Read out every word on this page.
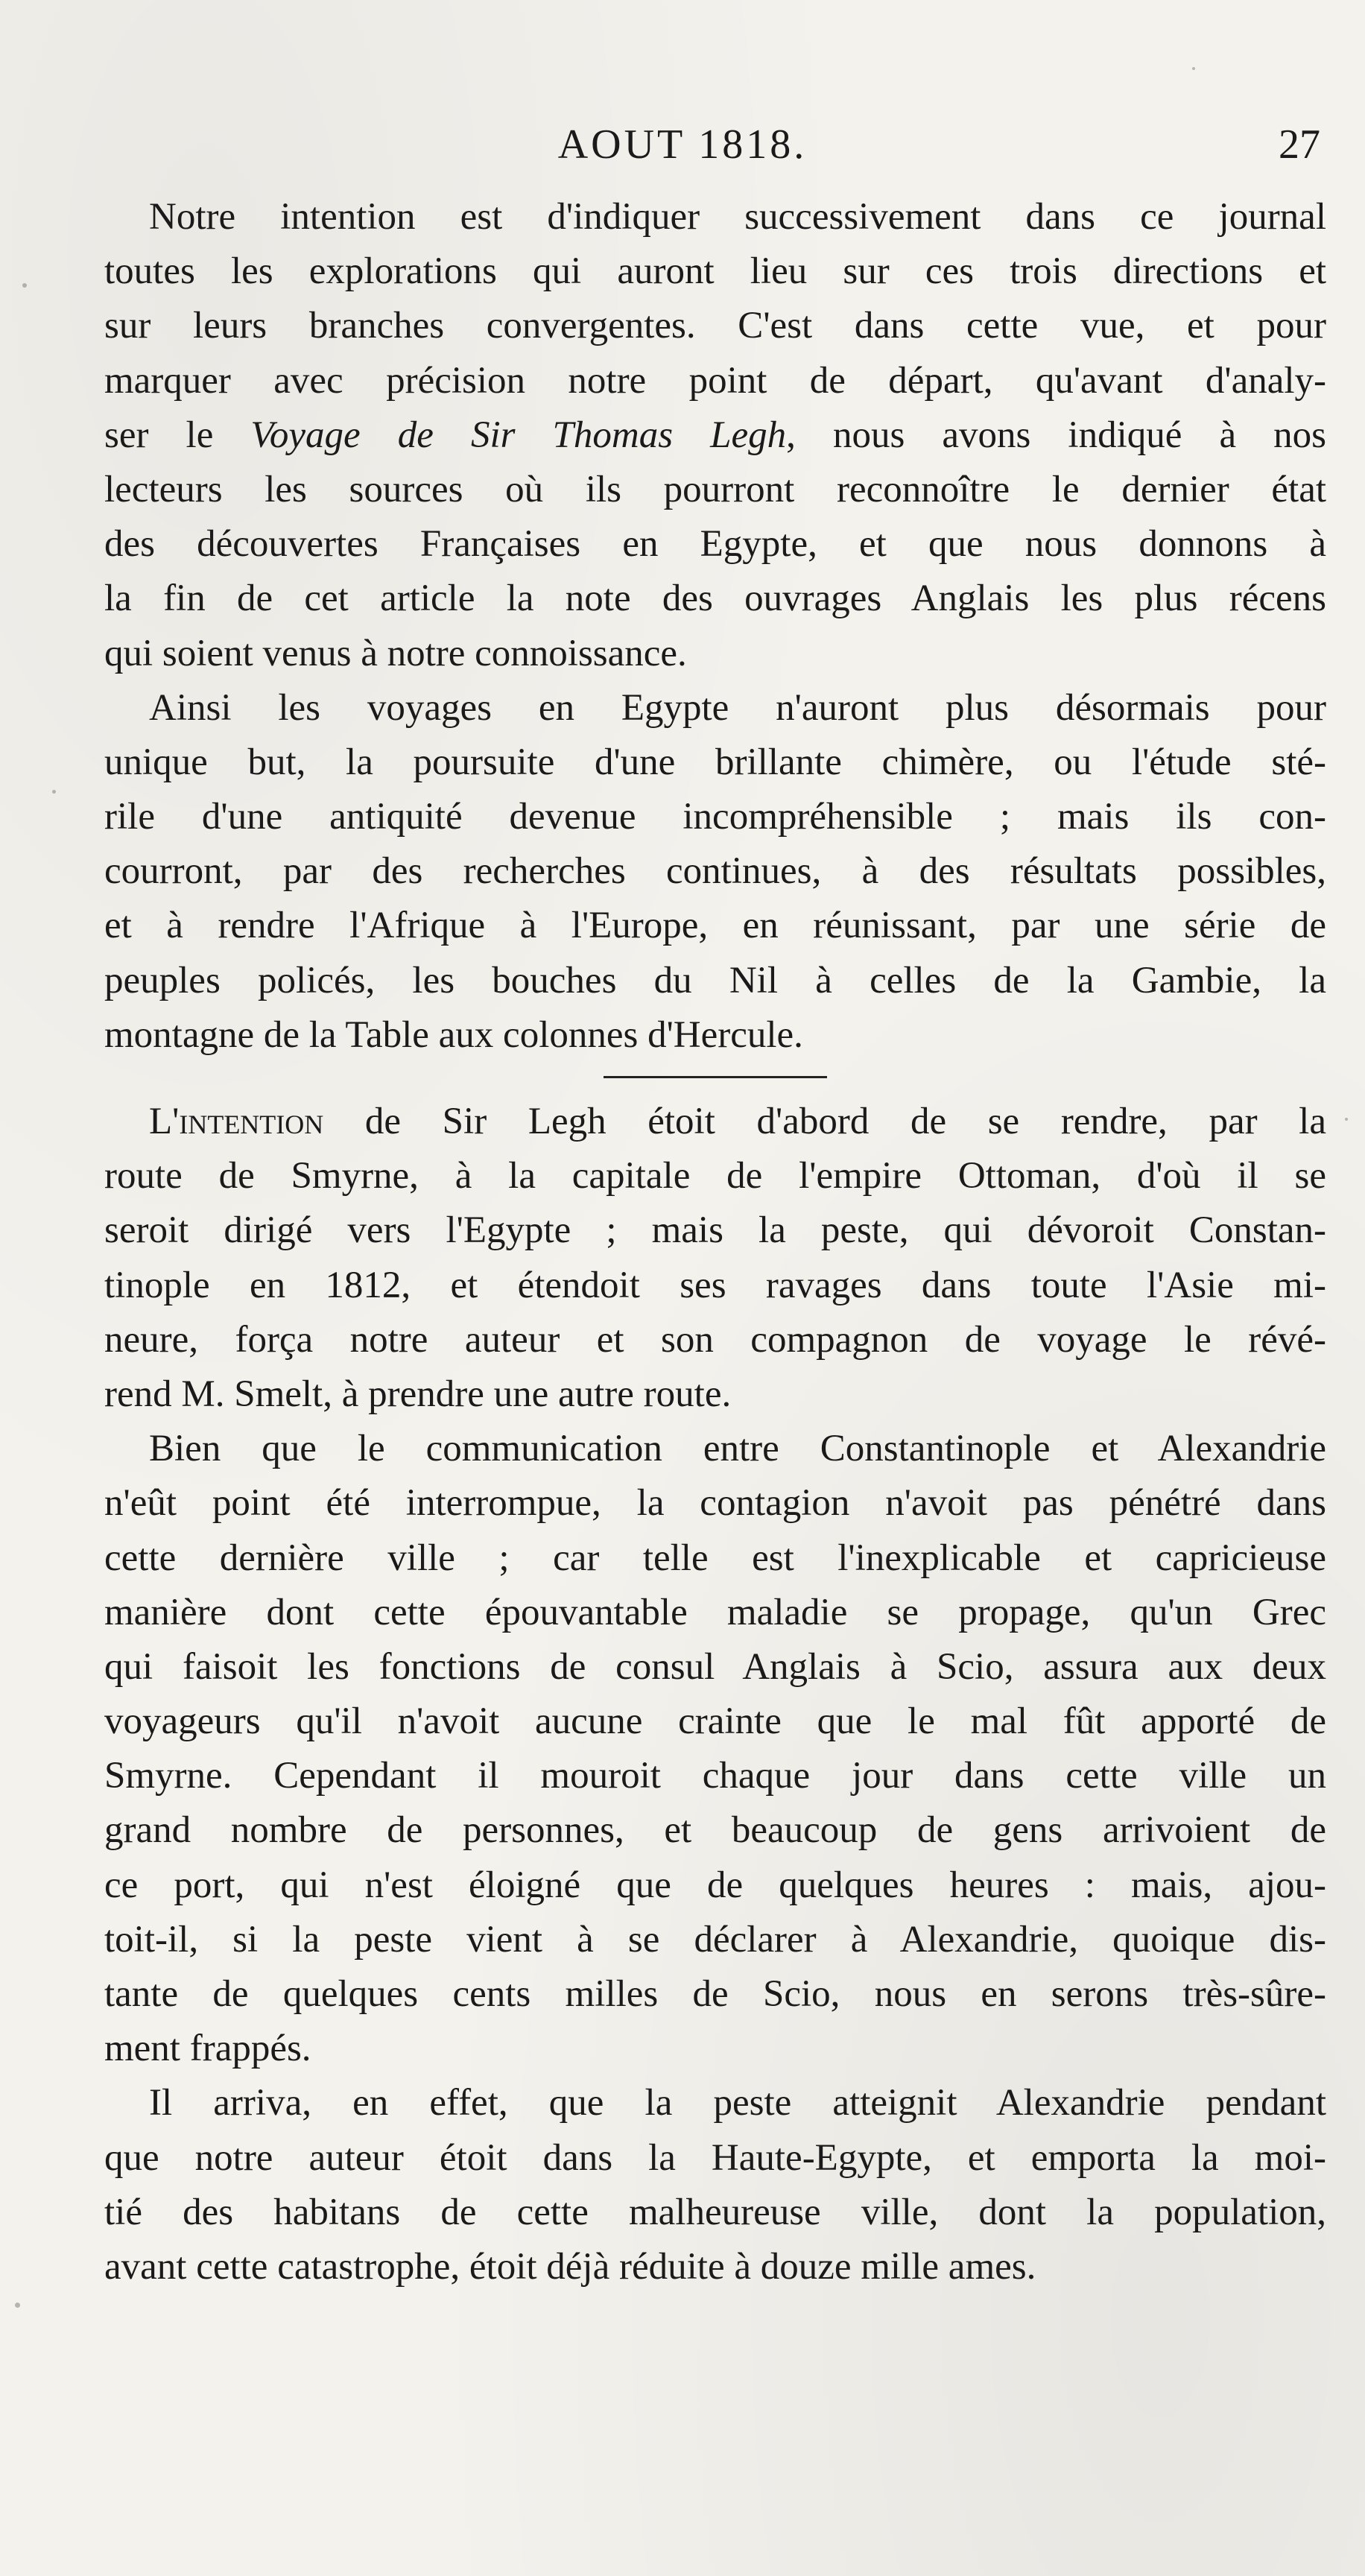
AOUT 1818.	27
Notre intention est d'indiquer successivement dans ce journal
toutes les explorations qui auront lieu sur ces trois directions et
sur leurs branches convergentes. C'est dans cette vue, et pour
marquer avec précision notre point de départ, qu'avant d'analy-
ser le Voyage de Sir Thomas Legh, nous avons indiqué à nos
lecteurs les sources où ils pourront reconnoître le dernier état
des découvertes Françaises en Egypte, et que nous donnons à
la fin de cet article la note des ouvrages Anglais les plus récens
qui soient venus à notre connoissance.
Ainsi les voyages en Egypte n'auront plus désormais pour
unique but, la poursuite d'une brillante chimère, ou l'étude sté-
rile d'une antiquité devenue incompréhensible ; mais ils con-
courront, par des recherches continues, à des résultats possibles,
et à rendre l'Afrique à l'Europe, en réunissant, par une série de
peuples policés, les bouches du Nil à celles de la Gambie, la
montagne de la Table aux colonnes d'Hercule.
L'intention de Sir Legh étoit d'abord de se rendre, par la
route de Smyrne, à la capitale de l'empire Ottoman, d'où il se
seroit dirigé vers l'Egypte ; mais la peste, qui dévoroit Constan-
tinople en 1812, et étendoit ses ravages dans toute l'Asie mi-
neure, força notre auteur et son compagnon de voyage le révé-
rend M. Smelt, à prendre une autre route.
Bien que le communication entre Constantinople et Alexandrie
n'eût point été interrompue, la contagion n'avoit pas pénétré dans
cette dernière ville ; car telle est l'inexplicable et capricieuse
manière dont cette épouvantable maladie se propage, qu'un Grec
qui faisoit les fonctions de consul Anglais à Scio, assura aux deux
voyageurs qu'il n'avoit aucune crainte que le mal fût apporté de
Smyrne. Cependant il mouroit chaque jour dans cette ville un
grand nombre de personnes, et beaucoup de gens arrivoient de
ce port, qui n'est éloigné que de quelques heures : mais, ajou-
toit-il, si la peste vient à se déclarer à Alexandrie, quoique dis-
tante de quelques cents milles de Scio, nous en serons très-sûre-
ment frappés.
Il arriva, en effet, que la peste atteignit Alexandrie pendant
que notre auteur étoit dans la Haute-Egypte, et emporta la moi-
tié des habitans de cette malheureuse ville, dont la population,
avant cette catastrophe, étoit déjà réduite à douze mille ames.
